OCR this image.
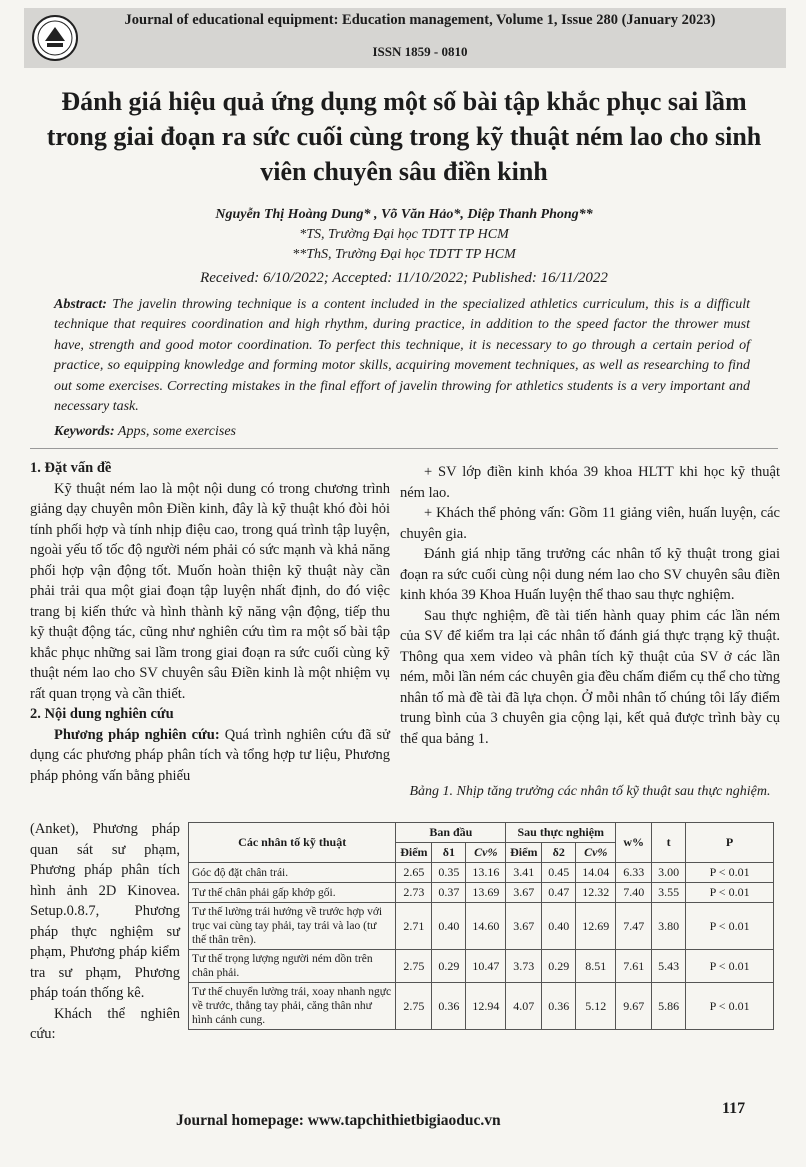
Journal of educational equipment: Education management, Volume 1, Issue 280 (January 2023)
ISSN 1859 - 0810
Đánh giá hiệu quả ứng dụng một số bài tập khắc phục sai lầm trong giai đoạn ra sức cuối cùng trong kỹ thuật ném lao cho sinh viên chuyên sâu điền kinh
Nguyễn Thị Hoàng Dung* , Võ Văn Hảo*, Diệp Thanh Phong**
*TS, Trường Đại học TDTT TP HCM
**ThS, Trường Đại học TDTT TP HCM
Received: 6/10/2022; Accepted: 11/10/2022; Published: 16/11/2022

Abstract: The javelin throwing technique is a content included in the specialized athletics curriculum, this is a difficult technique that requires coordination and high rhythm, during practice, in addition to the speed factor the thrower must have, strength and good motor coordination. To perfect this technique, it is necessary to go through a certain period of practice, so equipping knowledge and forming motor skills, acquiring movement techniques, as well as researching to find out some exercises. Correcting mistakes in the final effort of javelin throwing for athletics students is a very important and necessary task.

Keywords: Apps, some exercises

1. Đặt vấn đề

Kỹ thuật ném lao là một nội dung có trong chương trình giảng dạy chuyên môn Điền kinh, đây là kỹ thuật khó đòi hỏi tính phối hợp và tính nhịp điệu cao, trong quá trình tập luyện, ngoài yếu tố tốc độ người ném phải có sức mạnh và khả năng phối hợp vận động tốt. Muốn hoàn thiện kỹ thuật này cần phải trải qua một giai đoạn tập luyện nhất định, do đó việc trang bị kiến thức và hình thành kỹ năng vận động, tiếp thu kỹ thuật động tác, cũng như nghiên cứu tìm ra một số bài tập khắc phục những sai lầm trong giai đoạn ra sức cuối cùng kỹ thuật ném lao cho SV chuyên sâu Điền kinh là một nhiệm vụ rất quan trọng và cần thiết.

2. Nội dung nghiên cứu

Phương pháp nghiên cứu: Quá trình nghiên cứu đã sử dụng các phương pháp phân tích và tổng hợp tư liệu, Phương pháp phỏng vấn bằng phiếu

(Anket), Phương pháp quan sát sư phạm, Phương pháp phân tích hình ảnh 2D Kinovea. Setup.0.8.7, Phương pháp thực nghiệm sư phạm, Phương pháp kiểm tra sư phạm, Phương pháp toán thống kê.

Khách thể nghiên cứu:

+ SV lớp điền kinh khóa 39 khoa HLTT khi học kỹ thuật ném lao.

+ Khách thể phỏng vấn: Gồm 11 giảng viên, huấn luyện, các chuyên gia.

Đánh giá nhịp tăng trưởng các nhân tố kỹ thuật trong giai đoạn ra sức cuối cùng nội dung ném lao cho SV chuyên sâu điền kinh khóa 39 Khoa Huấn luyện thể thao sau thực nghiệm.

Sau thực nghiệm, đề tài tiến hành quay phim các lần ném của SV để kiểm tra lại các nhân tố đánh giá thực trạng kỹ thuật. Thông qua xem video và phân tích kỹ thuật của SV ở các lần ném, mỗi lần ném các chuyên gia đều chấm điểm cụ thể cho từng nhân tố mà đề tài đã lựa chọn. Ở mỗi nhân tố chúng tôi lấy điểm trung bình của 3 chuyên gia cộng lại, kết quả được trình bày cụ thể qua bảng 1.

Bảng 1. Nhịp tăng trưởng các nhân tố kỹ thuật sau thực nghiệm.

Các nhân tố kỹ thuật	Ban đầu			Sau thực nghiệm			w%	t	P
	Điểm	δ1	Cv%	Điểm	δ2	Cv%			
Góc độ đặt chân trái.	2.65	0.35	13.16	3.41	0.45	14.04	6.33	3.00	P < 0.01
Tư thế chân phải gấp khớp gối.	2.73	0.37	13.69	3.67	0.47	12.32	7.40	3.55	P < 0.01
Tư thế lường trái hướng về trước hợp với trục vai cùng tay phải, tay trái và lao (tư thế thân trên).	2.71	0.40	14.60	3.67	0.40	12.69	7.47	3.80	P < 0.01
Tư thế trọng lượng người ném dồn trên chân phải.	2.75	0.29	10.47	3.73	0.29	8.51	7.61	5.43	P < 0.01
Tư thế chuyển lường trái, xoay nhanh ngực về trước, thẳng tay phải, căng thân như hình cánh cung.	2.75	0.36	12.94	4.07	0.36	5.12	9.67	5.86	P < 0.01
Journal homepage: www.tapchithietbigiaoduc.vn
117
